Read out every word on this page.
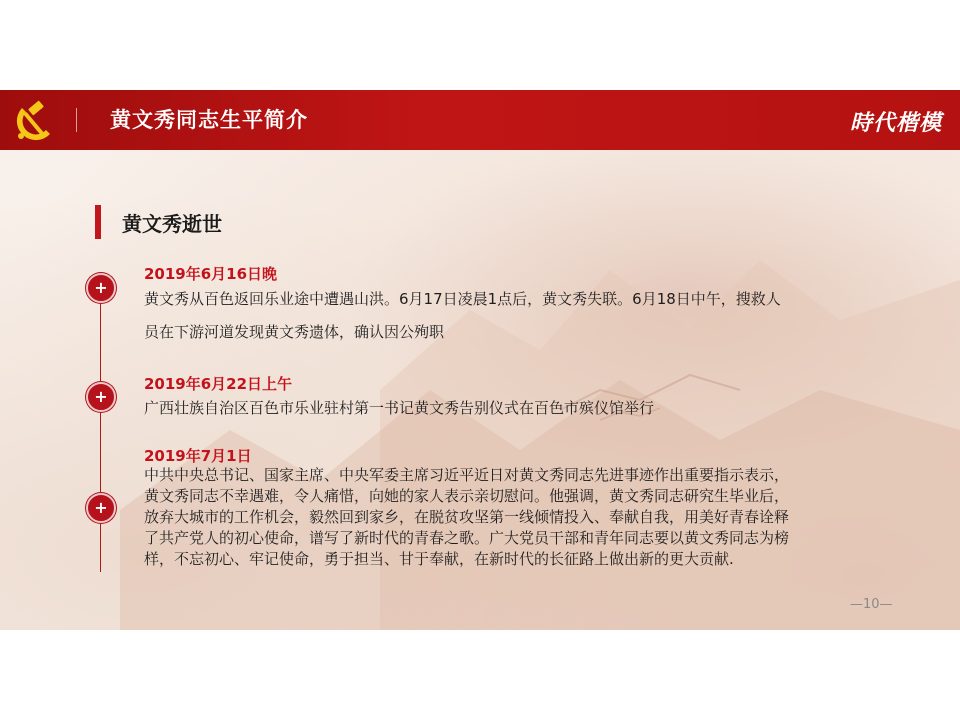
黄文秀同志生平简介	時代楷模
黄文秀逝世
+
2019年6月16日晚
黄文秀从百色返回乐业途中遭遇山洪。6月17日凌晨1点后，黄文秀失联。6月18日中午，搜救人
员在下游河道发现黄文秀遗体，确认因公殉职
+
2019年6月22日上午
广西壮族自治区百色市乐业驻村第一书记黄文秀告别仪式在百色市殡仪馆举行
+
2019年7月1日
中共中央总书记、国家主席、中央军委主席习近平近日对黄文秀同志先进事迹作出重要指示表示，
黄文秀同志不幸遇难，令人痛惜，向她的家人表示亲切慰问。他强调，黄文秀同志研究生毕业后，
放弃大城市的工作机会，毅然回到家乡，在脱贫攻坚第一线倾情投入、奉献自我，用美好青春诠释
了共产党人的初心使命，谱写了新时代的青春之歌。广大党员干部和青年同志要以黄文秀同志为榜
样，不忘初心、牢记使命，勇于担当、甘于奉献，在新时代的长征路上做出新的更大贡献.
—10—
